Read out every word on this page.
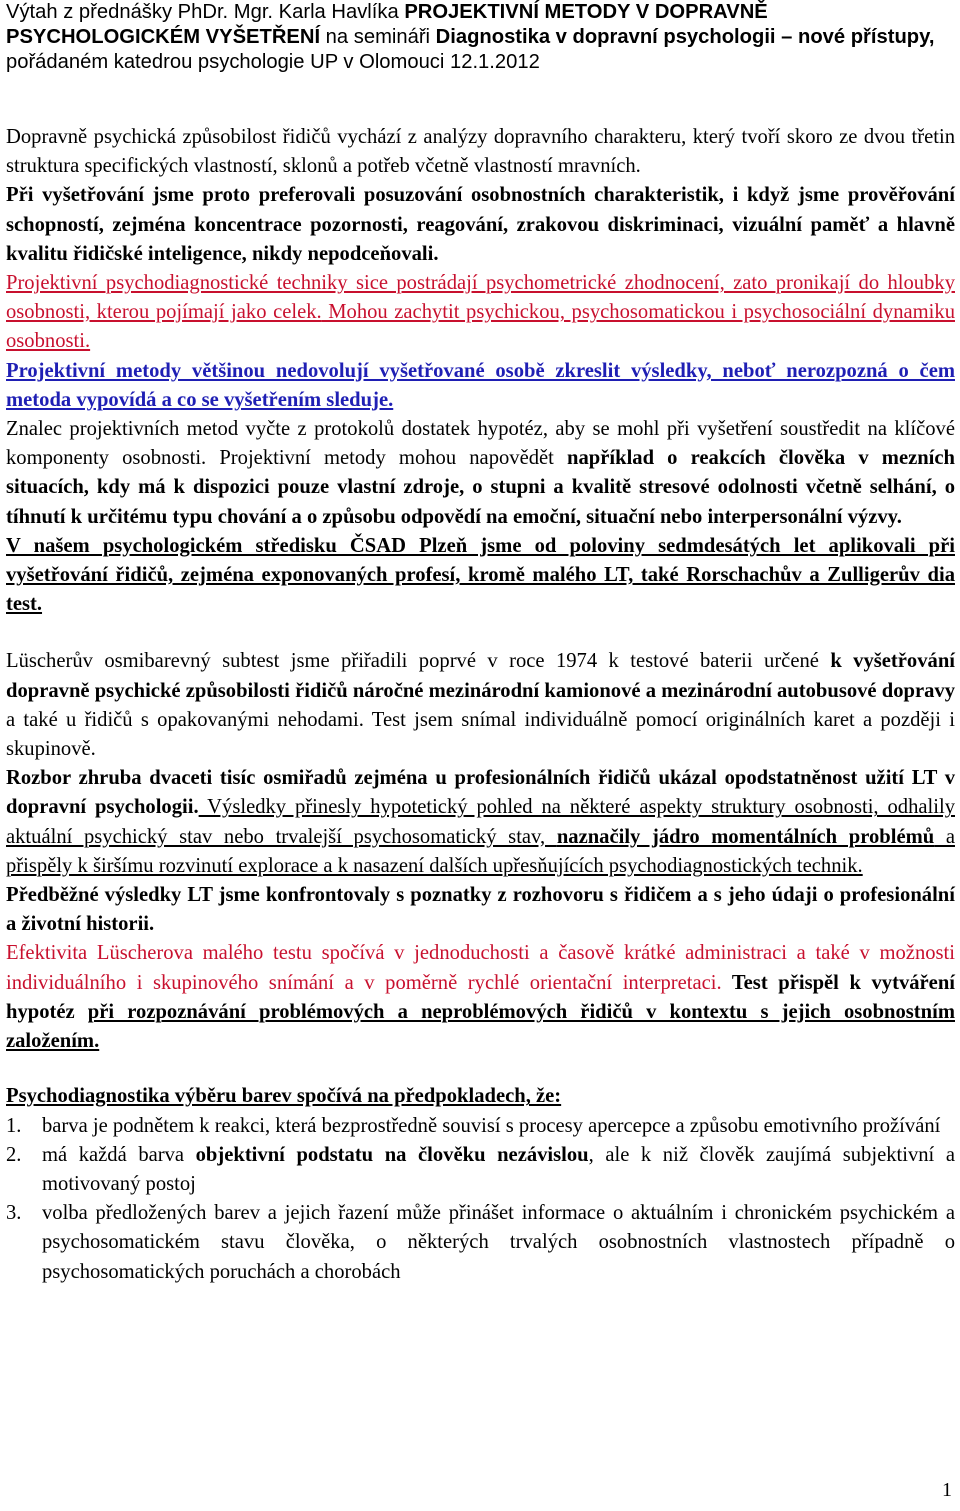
Výtah z přednášky PhDr. Mgr. Karla Havlíka PROJEKTIVNÍ METODY V DOPRAVNĚ PSYCHOLOGICKÉM VYŠETŘENÍ na semináři Diagnostika v dopravní psychologii – nové přístupy, pořádaném katedrou psychologie UP v Olomouci 12.1.2012

Dopravně psychická způsobilost řidičů vychází z analýzy dopravního charakteru, který tvoří skoro ze dvou třetin struktura specifických vlastností, sklonů a potřeb včetně vlastností mravních.

Při vyšetřování jsme proto preferovali posuzování osobnostních charakteristik, i když jsme prověřování schopností, zejména koncentrace pozornosti, reagování, zrakovou diskriminaci, vizuální paměť a hlavně kvalitu řidičské inteligence, nikdy nepodceňovali.

Projektivní psychodiagnostické techniky sice postrádají psychometrické zhodnocení, zato pronikají do hloubky osobnosti, kterou pojímají jako celek. Mohou zachytit psychickou, psychosomatickou i psychosociální dynamiku osobnosti.

Projektivní metody většinou nedovolují vyšetřované osobě zkreslit výsledky, neboť nerozpozná o čem metoda vypovídá a co se vyšetřením sleduje.

Znalec projektivních metod vyčte z protokolů dostatek hypotéz, aby se mohl při vyšetření soustředit na klíčové komponenty osobnosti. Projektivní metody mohou napovědět například o reakcích člověka v mezních situacích, kdy má k dispozici pouze vlastní zdroje, o stupni a kvalitě stresové odolnosti včetně selhání, o tíhnutí k určitému typu chování a o způsobu odpovědí na emoční, situační nebo interpersonální výzvy.

V našem psychologickém středisku ČSAD Plzeň jsme od poloviny sedmdesátých let aplikovali při vyšetřování řidičů, zejména exponovaných profesí, kromě malého LT, také Rorschachův a Zulligerův dia test.

Lüscherův osmibarevný subtest jsme přiřadili poprvé v roce 1974 k testové baterii určené k vyšetřování dopravně psychické způsobilosti řidičů náročné mezinárodní kamionové a mezinárodní autobusové dopravy a také u řidičů s opakovanými nehodami. Test jsem snímal individuálně pomocí originálních karet a později i skupinově.

Rozbor zhruba dvaceti tisíc osmiřadů zejména u profesionálních řidičů ukázal opodstatněnost užití LT v dopravní psychologii. Výsledky přinesly hypotetický pohled na některé aspekty struktury osobnosti, odhalily aktuální psychický stav nebo trvalejší psychosomatický stav, naznačily jádro momentálních problémů a přispěly k širšímu rozvinutí explorace a k nasazení dalších upřesňujících psychodiagnostických technik.

Předběžné výsledky LT jsme konfrontovaly s poznatky z rozhovoru s řidičem a s jeho údaji o profesionální a životní historii.

Efektivita Lüscherova malého testu spočívá v jednoduchosti a časově krátké administraci a také v možnosti individuálního i skupinového snímání a v poměrně rychlé orientační interpretaci. Test přispěl k vytváření hypotéz při rozpoznávání problémových a neproblémových řidičů v kontextu s jejich osobnostním založením.

Psychodiagnostika výběru barev spočívá na předpokladech, že:

1. barva je podnětem k reakci, která bezprostředně souvisí s procesy apercepce a způsobu emotivního prožívání
2. má každá barva objektivní podstatu na člověku nezávislou, ale k niž člověk zaujímá subjektivní a motivovaný postoj
3. volba předložených barev a jejich řazení může přinášet informace o aktuálním i chronickém psychickém a psychosomatickém stavu člověka, o některých trvalých osobnostních vlastnostech případně o psychosomatických poruchách a chorobách
1
